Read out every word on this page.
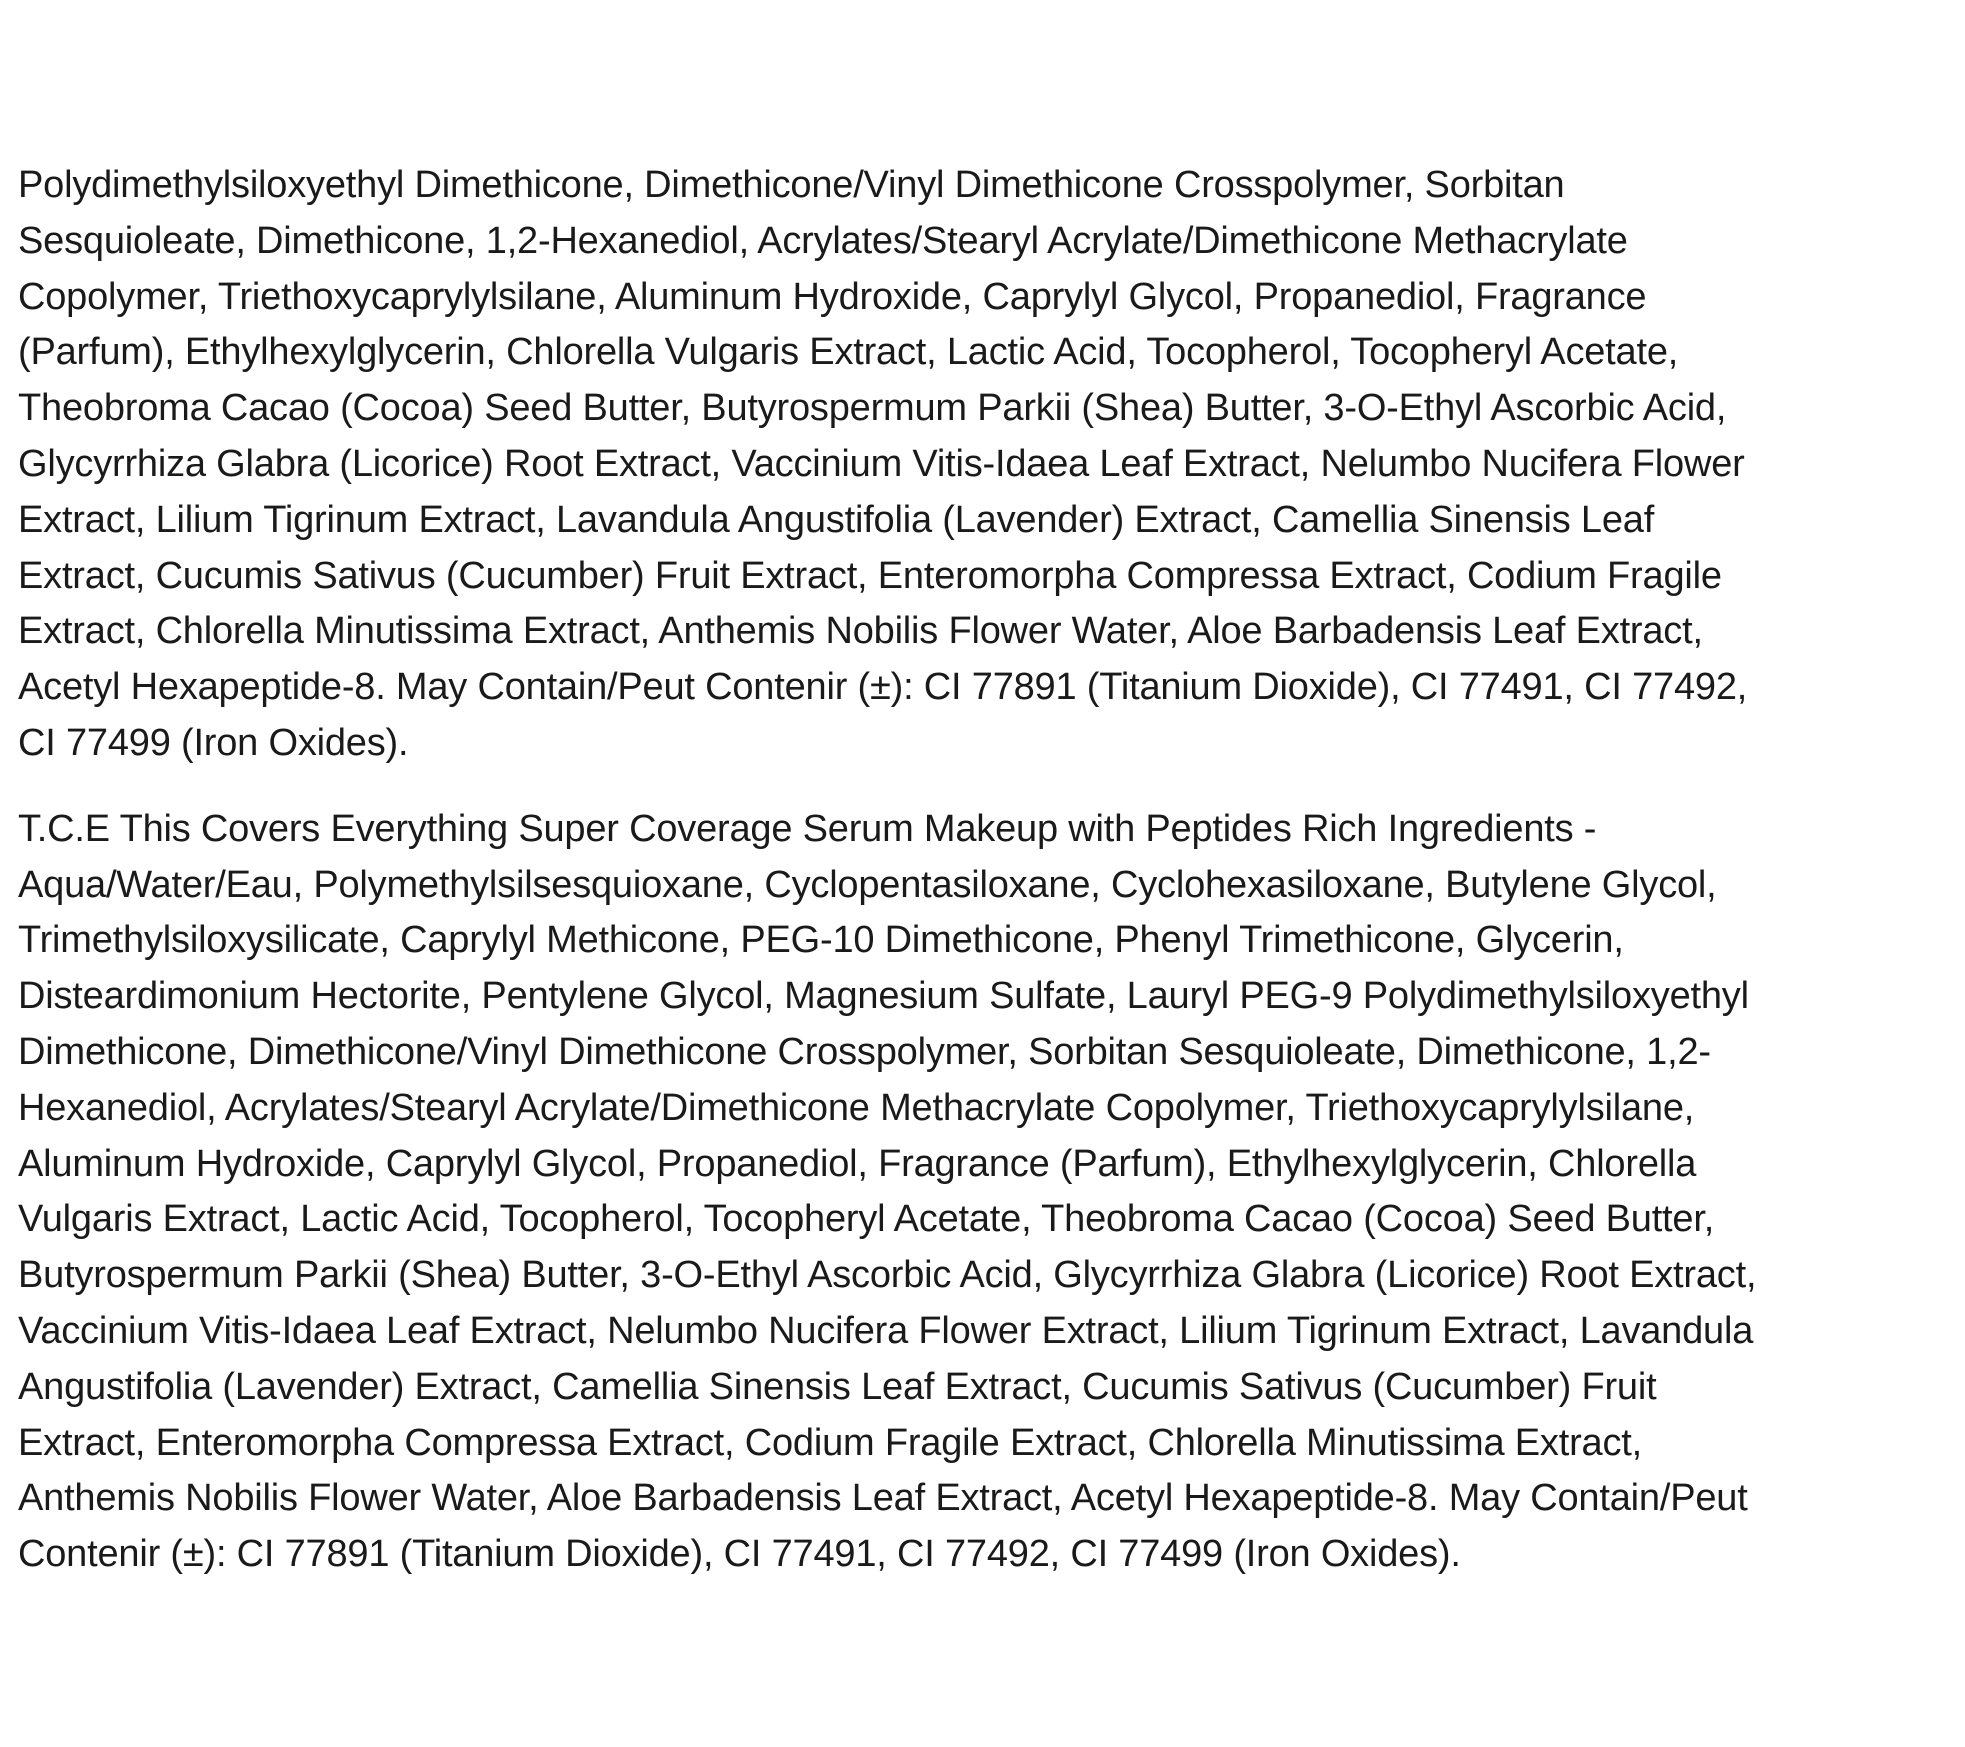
Polydimethylsiloxyethyl Dimethicone, Dimethicone/Vinyl Dimethicone Crosspolymer, Sorbitan
Sesquioleate, Dimethicone, 1,2-Hexanediol, Acrylates/Stearyl Acrylate/Dimethicone Methacrylate
Copolymer, Triethoxycaprylylsilane, Aluminum Hydroxide, Caprylyl Glycol, Propanediol, Fragrance
(Parfum), Ethylhexylglycerin, Chlorella Vulgaris Extract, Lactic Acid, Tocopherol, Tocopheryl Acetate,
Theobroma Cacao (Cocoa) Seed Butter, Butyrospermum Parkii (Shea) Butter, 3-O-Ethyl Ascorbic Acid,
Glycyrrhiza Glabra (Licorice) Root Extract, Vaccinium Vitis-Idaea Leaf Extract, Nelumbo Nucifera Flower
Extract, Lilium Tigrinum Extract, Lavandula Angustifolia (Lavender) Extract, Camellia Sinensis Leaf
Extract, Cucumis Sativus (Cucumber) Fruit Extract, Enteromorpha Compressa Extract, Codium Fragile
Extract, Chlorella Minutissima Extract, Anthemis Nobilis Flower Water, Aloe Barbadensis Leaf Extract,
Acetyl Hexapeptide-8. May Contain/Peut Contenir (±): CI 77891 (Titanium Dioxide), CI 77491, CI 77492,
CI 77499 (Iron Oxides).

T.C.E This Covers Everything Super Coverage Serum Makeup with Peptides Rich Ingredients -
Aqua/Water/Eau, Polymethylsilsesquioxane, Cyclopentasiloxane, Cyclohexasiloxane, Butylene Glycol,
Trimethylsiloxysilicate, Caprylyl Methicone, PEG-10 Dimethicone, Phenyl Trimethicone, Glycerin,
Disteardimonium Hectorite, Pentylene Glycol, Magnesium Sulfate, Lauryl PEG-9 Polydimethylsiloxyethyl
Dimethicone, Dimethicone/Vinyl Dimethicone Crosspolymer, Sorbitan Sesquioleate, Dimethicone, 1,2-
Hexanediol, Acrylates/Stearyl Acrylate/Dimethicone Methacrylate Copolymer, Triethoxycaprylylsilane,
Aluminum Hydroxide, Caprylyl Glycol, Propanediol, Fragrance (Parfum), Ethylhexylglycerin, Chlorella
Vulgaris Extract, Lactic Acid, Tocopherol, Tocopheryl Acetate, Theobroma Cacao (Cocoa) Seed Butter,
Butyrospermum Parkii (Shea) Butter, 3-O-Ethyl Ascorbic Acid, Glycyrrhiza Glabra (Licorice) Root Extract,
Vaccinium Vitis-Idaea Leaf Extract, Nelumbo Nucifera Flower Extract, Lilium Tigrinum Extract, Lavandula
Angustifolia (Lavender) Extract, Camellia Sinensis Leaf Extract, Cucumis Sativus (Cucumber) Fruit
Extract, Enteromorpha Compressa Extract, Codium Fragile Extract, Chlorella Minutissima Extract,
Anthemis Nobilis Flower Water, Aloe Barbadensis Leaf Extract, Acetyl Hexapeptide-8. May Contain/Peut
Contenir (±): CI 77891 (Titanium Dioxide), CI 77491, CI 77492, CI 77499 (Iron Oxides).
